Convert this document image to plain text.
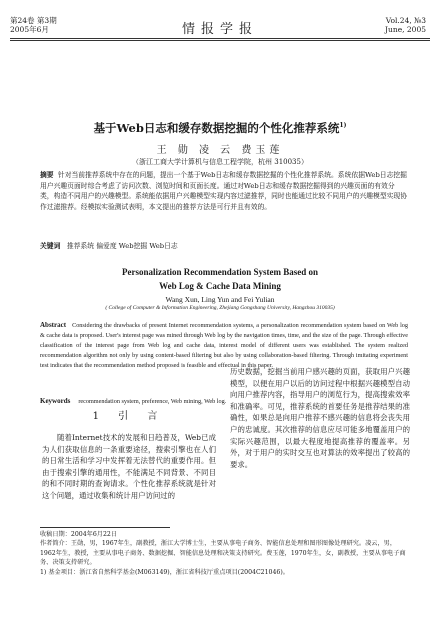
第24卷 第3期
2005年6月	情报学报
Vol.24, №3
June, 2005
基于Web日志和缓存数据挖掘的个性化推荐系统$^{1)}$
王 勋 凌 云 费玉莲
（浙江工商大学计算机与信息工程学院，杭州 310035）
摘要 针对当前推荐系统中存在的问题，提出一个基于Web日志和缓存数据挖掘的个性化推荐系统。系统依据Web日志挖掘用户兴趣页面时综合考虑了访问次数、浏览时间和页面长度。通过对Web日志和缓存数据挖掘得到的兴趣页面的有效分类，构造不同用户的兴趣模型。系统能依据用户兴趣模型实现内容过滤推荐，同时也能通过比较不同用户的兴趣模型实现协作过滤推荐。经模拟实验测试表明，本文提出的推荐方法是可行并且有效的。
关键词 推荐系统 偏爱度 Web挖掘 Web日志
Personalization Recommendation System Based on
Web Log & Cache Data Mining
Wang Xun, Ling Yun and Fei Yulian
( College of Computer & Information Engineering, Zhejiang Gongshang University, Hangzhou 310035)
Abstract Considering the drawbacks of present Internet recommendation systems, a personalization recommendation system based on Web log & cache data is proposed. User's interest page was mined through Web log by the navigation times, time, and the size of the page. Through effective classification of the interest page from Web log and cache data, interest model of different users was established. The system realized recommendation algorithm not only by using content-based filtering but also by using collaboration-based filtering. Through imitating experiment test indicates that the recommendation method proposed is feasible and effectual in this paper.
Keywords recommendation system, preference, Web mining, Web log.
1 引 言
随着Internet技术的发展和日趋普及，Web已成为人们获取信息的一条重要途径，搜索引擎也在人们的日常生活和学习中发挥着无法替代的重要作用。但由于搜索引擎的通用性，不能满足不同背景、不同目的和不同时期的查询请求。个性化推荐系统就是针对这个问题，通过收集和统计用户访问过的
历史数据，挖掘当前用户感兴趣的页面，获取用户兴趣模型，以便在用户以后的访问过程中根据兴趣模型自动向用户推荐内容，指导用户的浏览行为，提高搜索效率和准确率。可见，推荐系统的首要任务是推荐结果的准确性，如果总是向用户推荐不感兴趣的信息将会丧失用户的忠诚度。其次推荐的信息应尽可能多地覆盖用户的实际兴趣范围，以最大程度地提高推荐的覆盖率。另外，对于用户的实时交互也对算法的效率提出了较高的要求。
收稿日期：2004年6月22日
作者简介：王勋，男，1967年生，副教授，浙江大学博士生，主要从事电子商务、智能信息处理和图形图像处理研究。凌云，男，1962年生，教授，主要从事电子商务、数据挖掘、智能信息处理和决策支持研究。费玉莲，1970年生，女，副教授，主要从事电子商务、决策支持研究。
1) 基金项目：浙江省自然科学基金(M063149)，浙江省科技厅重点项目(2004C21046)。
